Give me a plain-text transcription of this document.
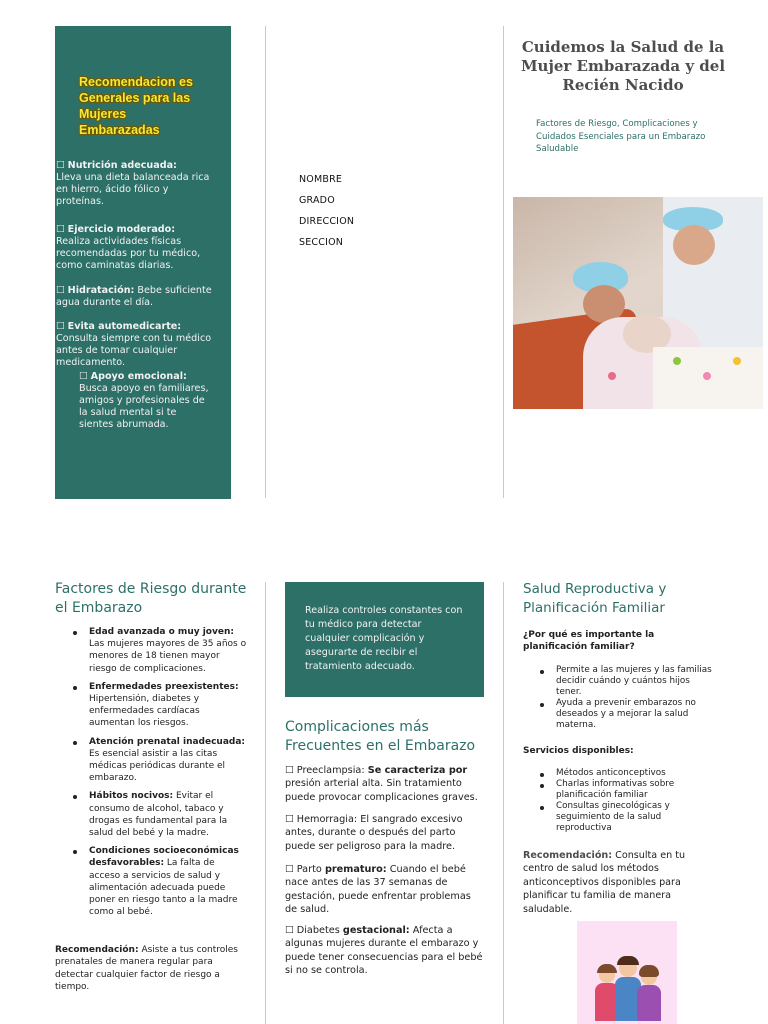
Recomendacion es Generales para las Mujeres Embarazadas
☐ Nutrición adecuada:
Lleva una dieta balanceada rica en hierro, ácido fólico y proteínas.
☐ Ejercicio moderado:
Realiza actividades físicas recomendadas por tu médico, como caminatas diarias.
☐ Hidratación: Bebe suficiente agua durante el día.
☐ Evita automedicarte:
Consulta siempre con tu médico antes de tomar cualquier medicamento.
☐ Apoyo emocional:
Busca apoyo en familiares, amigos y profesionales de la salud mental si te sientes abrumada.
NOMBRE
GRADO
DIRECCION
SECCION
Cuidemos la Salud de la Mujer Embarazada y del Recién Nacido
Factores de Riesgo, Complicaciones y Cuidados Esenciales para un Embarazo Saludable
Factores de Riesgo durante el Embarazo
Edad avanzada o muy joven: Las mujeres mayores de 35 años o menores de 18 tienen mayor riesgo de complicaciones.
Enfermedades preexistentes: Hipertensión, diabetes y enfermedades cardíacas aumentan los riesgos.
Atención prenatal inadecuada: Es esencial asistir a las citas médicas periódicas durante el embarazo.
Hábitos nocivos: Evitar el consumo de alcohol, tabaco y drogas es fundamental para la salud del bebé y la madre.
Condiciones socioeconómicas desfavorables: La falta de acceso a servicios de salud y alimentación adecuada puede poner en riesgo tanto a la madre como al bebé.
Recomendación: Asiste a tus controles prenatales de manera regular para detectar cualquier factor de riesgo a tiempo.
Realiza controles constantes con tu médico para detectar cualquier complicación y asegurarte de recibir el tratamiento adecuado.
Complicaciones más Frecuentes en el Embarazo
☐ Preeclampsia: Se caracteriza por presión arterial alta. Sin tratamiento puede provocar complicaciones graves.
☐ Hemorragia: El sangrado excesivo antes, durante o después del parto puede ser peligroso para la madre.
☐ Parto prematuro: Cuando el bebé nace antes de las 37 semanas de gestación, puede enfrentar problemas de salud.
☐ Diabetes gestacional: Afecta a algunas mujeres durante el embarazo y puede tener consecuencias para el bebé si no se controla.
Salud Reproductiva y Planificación Familiar
¿Por qué es importante la planificación familiar?
Permite a las mujeres y las familias decidir cuándo y cuántos hijos tener.
Ayuda a prevenir embarazos no deseados y a mejorar la salud materna.
Servicios disponibles:
Métodos anticonceptivos
Charlas informativas sobre planificación familiar
Consultas ginecológicas y seguimiento de la salud reproductiva
Recomendación: Consulta en tu centro de salud los métodos anticonceptivos disponibles para planificar tu familia de manera saludable.
